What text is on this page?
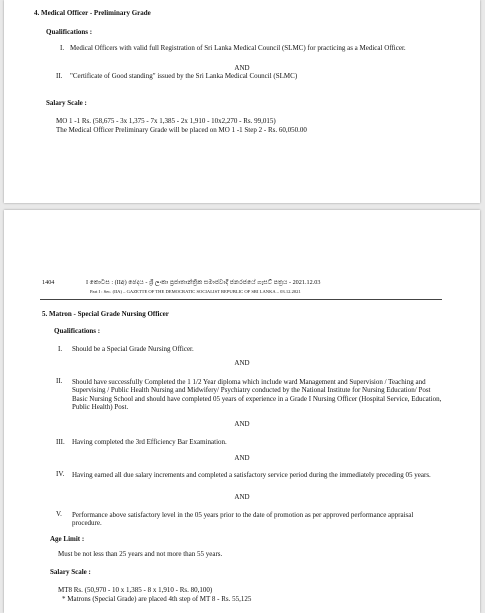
4. Medical Officer - Preliminary Grade
Qualifications :
I. Medical Officers with valid full Registration of Sri Lanka Medical Council (SLMC) for practicing as a Medical Officer.
AND
II. "Certificate of Good standing" issued by the Sri Lanka Medical Council (SLMC)
Salary Scale :
MO 1 -1 Rs. (58,675 - 3x 1,375 - 7x 1,385 - 2x 1,910 - 10x2,270 - Rs. 99,015)
The Medical Officer Preliminary Grade will be placed on MO 1 -1 Step 2 - Rs. 60,050.00
1404	I කොටස : (IIඅ) ඡෙදය - ශ්‍රී ලංකා ප්‍රජාතාන්ත්‍රික සමාජවාදී ජනරජයේ ගැසට් පත්‍රය - 2021.12.03
Part I : Sec. (IIA) – GAZETTE OF THE DEMOCRATIC SOCIALIST REPUBLIC OF SRI LANKA – 03.12.2021
5. Matron - Special Grade Nursing Officer
Qualifications :
I. Should be a Special Grade Nursing Officer.
AND
II. Should have successfully Completed the 1 1/2 Year diploma which include ward Management and Supervision / Teaching and Supervising / Public Health Nursing and Midwifery/ Psychiatry conducted by the National Institute for Nursing Education/ Post Basic Nursing School and should have completed 05 years of experience in a Grade I Nursing Officer (Hospital Service, Education, Public Health) Post.
AND
III. Having completed the 3rd Efficiency Bar Examination.
AND
IV. Having earned all due salary increments and completed a satisfactory service period during the immediately preceding 05 years.
AND
V. Performance above satisfactory level in the 05 years prior to the date of promotion as per approved performance appraisal procedure.
Age Limit :
Must be not less than 25 years and not more than 55 years.
Salary Scale :
MT8 Rs. (50,970 - 10 x 1,385 - 8 x 1,910 - Rs. 80,100)
* Matrons (Special Grade) are placed 4th step of MT 8 - Rs. 55,125
